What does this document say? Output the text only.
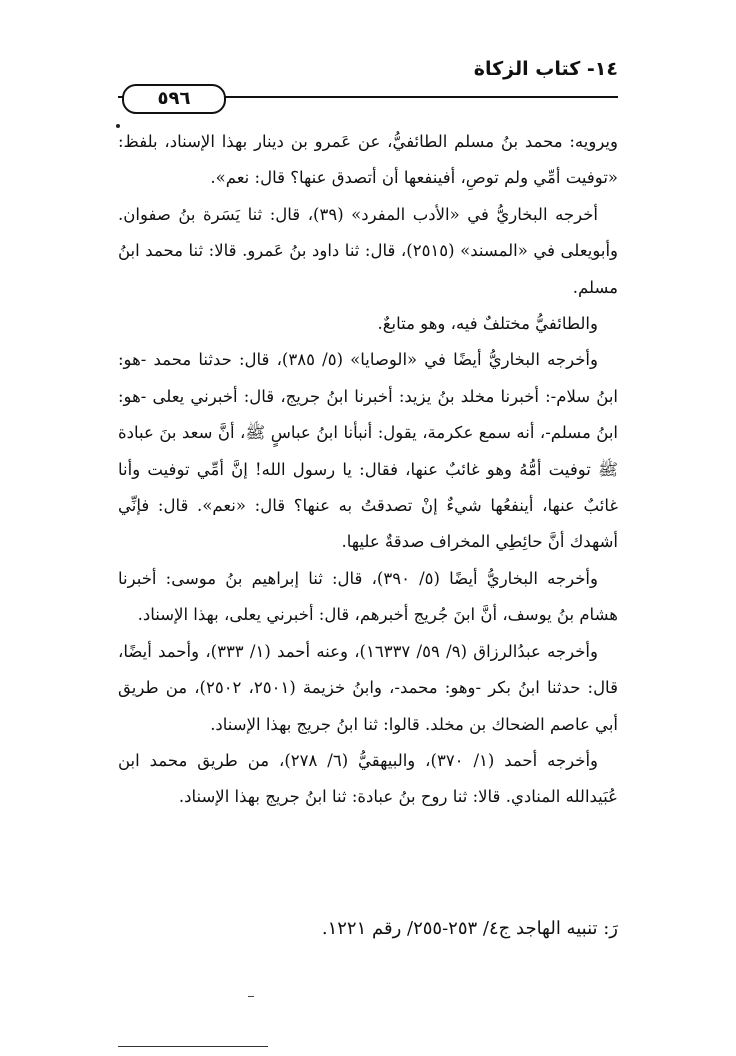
١٤- كتاب الزكاة
٥٩٦

ويرويه: محمد بنُ مسلم الطائفيُّ، عن عَمرو بن دينار بهذا الإسناد، بلفظ: «توفيت أمِّي ولم توصِ، أفينفعها أن أتصدق عنها؟ قال: نعم».

أخرجه البخاريُّ في «الأدب المفرد» (٣٩)، قال: ثنا يَسَرة بنُ صفوان. وأبويعلى في «المسند» (٢٥١٥)، قال: ثنا داود بنُ عَمرو. قالا: ثنا محمد ابنُ مسلم.

والطائفيُّ مختلفٌ فيه، وهو متابعٌ.

وأخرجه البخاريُّ أيضًا في «الوصايا» (٥/ ٣٨٥)، قال: حدثنا محمد -هو: ابنُ سلام-: أخبرنا مخلد بنُ يزيد: أخبرنا ابنُ جريج، قال: أخبرني يعلى -هو: ابنُ مسلم-، أنه سمع عكرمة، يقول: أنبأنا ابنُ عباسٍ ﷺ، أنَّ سعد بنَ عبادة ﷺ توفيت أمُّهُ وهو غائبٌ عنها، فقال: يا رسول الله! إنَّ أمِّي توفيت وأنا غائبٌ عنها، أينفعُها شيءٌ إنْ تصدقتُ به عنها؟ قال: «نعم». قال: فإنِّي أشهدك أنَّ حائِطِي المخراف صدقةٌ عليها.

وأخرجه البخاريُّ أيضًا (٥/ ٣٩٠)، قال: ثنا إبراهيم بنُ موسى: أخبرنا هشام بنُ يوسف، أنَّ ابنَ جُريج أخبرهم، قال: أخبرني يعلى، بهذا الإسناد.

وأخرجه عبدُالرزاق (٩/ ٥٩/ ١٦٣٣٧)، وعنه أحمد (١/ ٣٣٣)، وأحمد أيضًا، قال: حدثنا ابنُ بكر -وهو: محمد-، وابنُ خزيمة (٢٥٠١، ٢٥٠٢)، من طريق أبي عاصم الضحاك بن مخلد. قالوا: ثنا ابنُ جريج بهذا الإسناد.

وأخرجه أحمد (١/ ٣٧٠)، والبيهقيُّ (٦/ ٢٧٨)، من طريق محمد ابن عُبَيدالله المنادي. قالا: ثنا روح بنُ عبادة: ثنا ابنُ جريج بهذا الإسناد.

رَ: تنبيه الهاجد ج٤/ ٢٥٣-٢٥٥/ رقم ١٢٢١.
